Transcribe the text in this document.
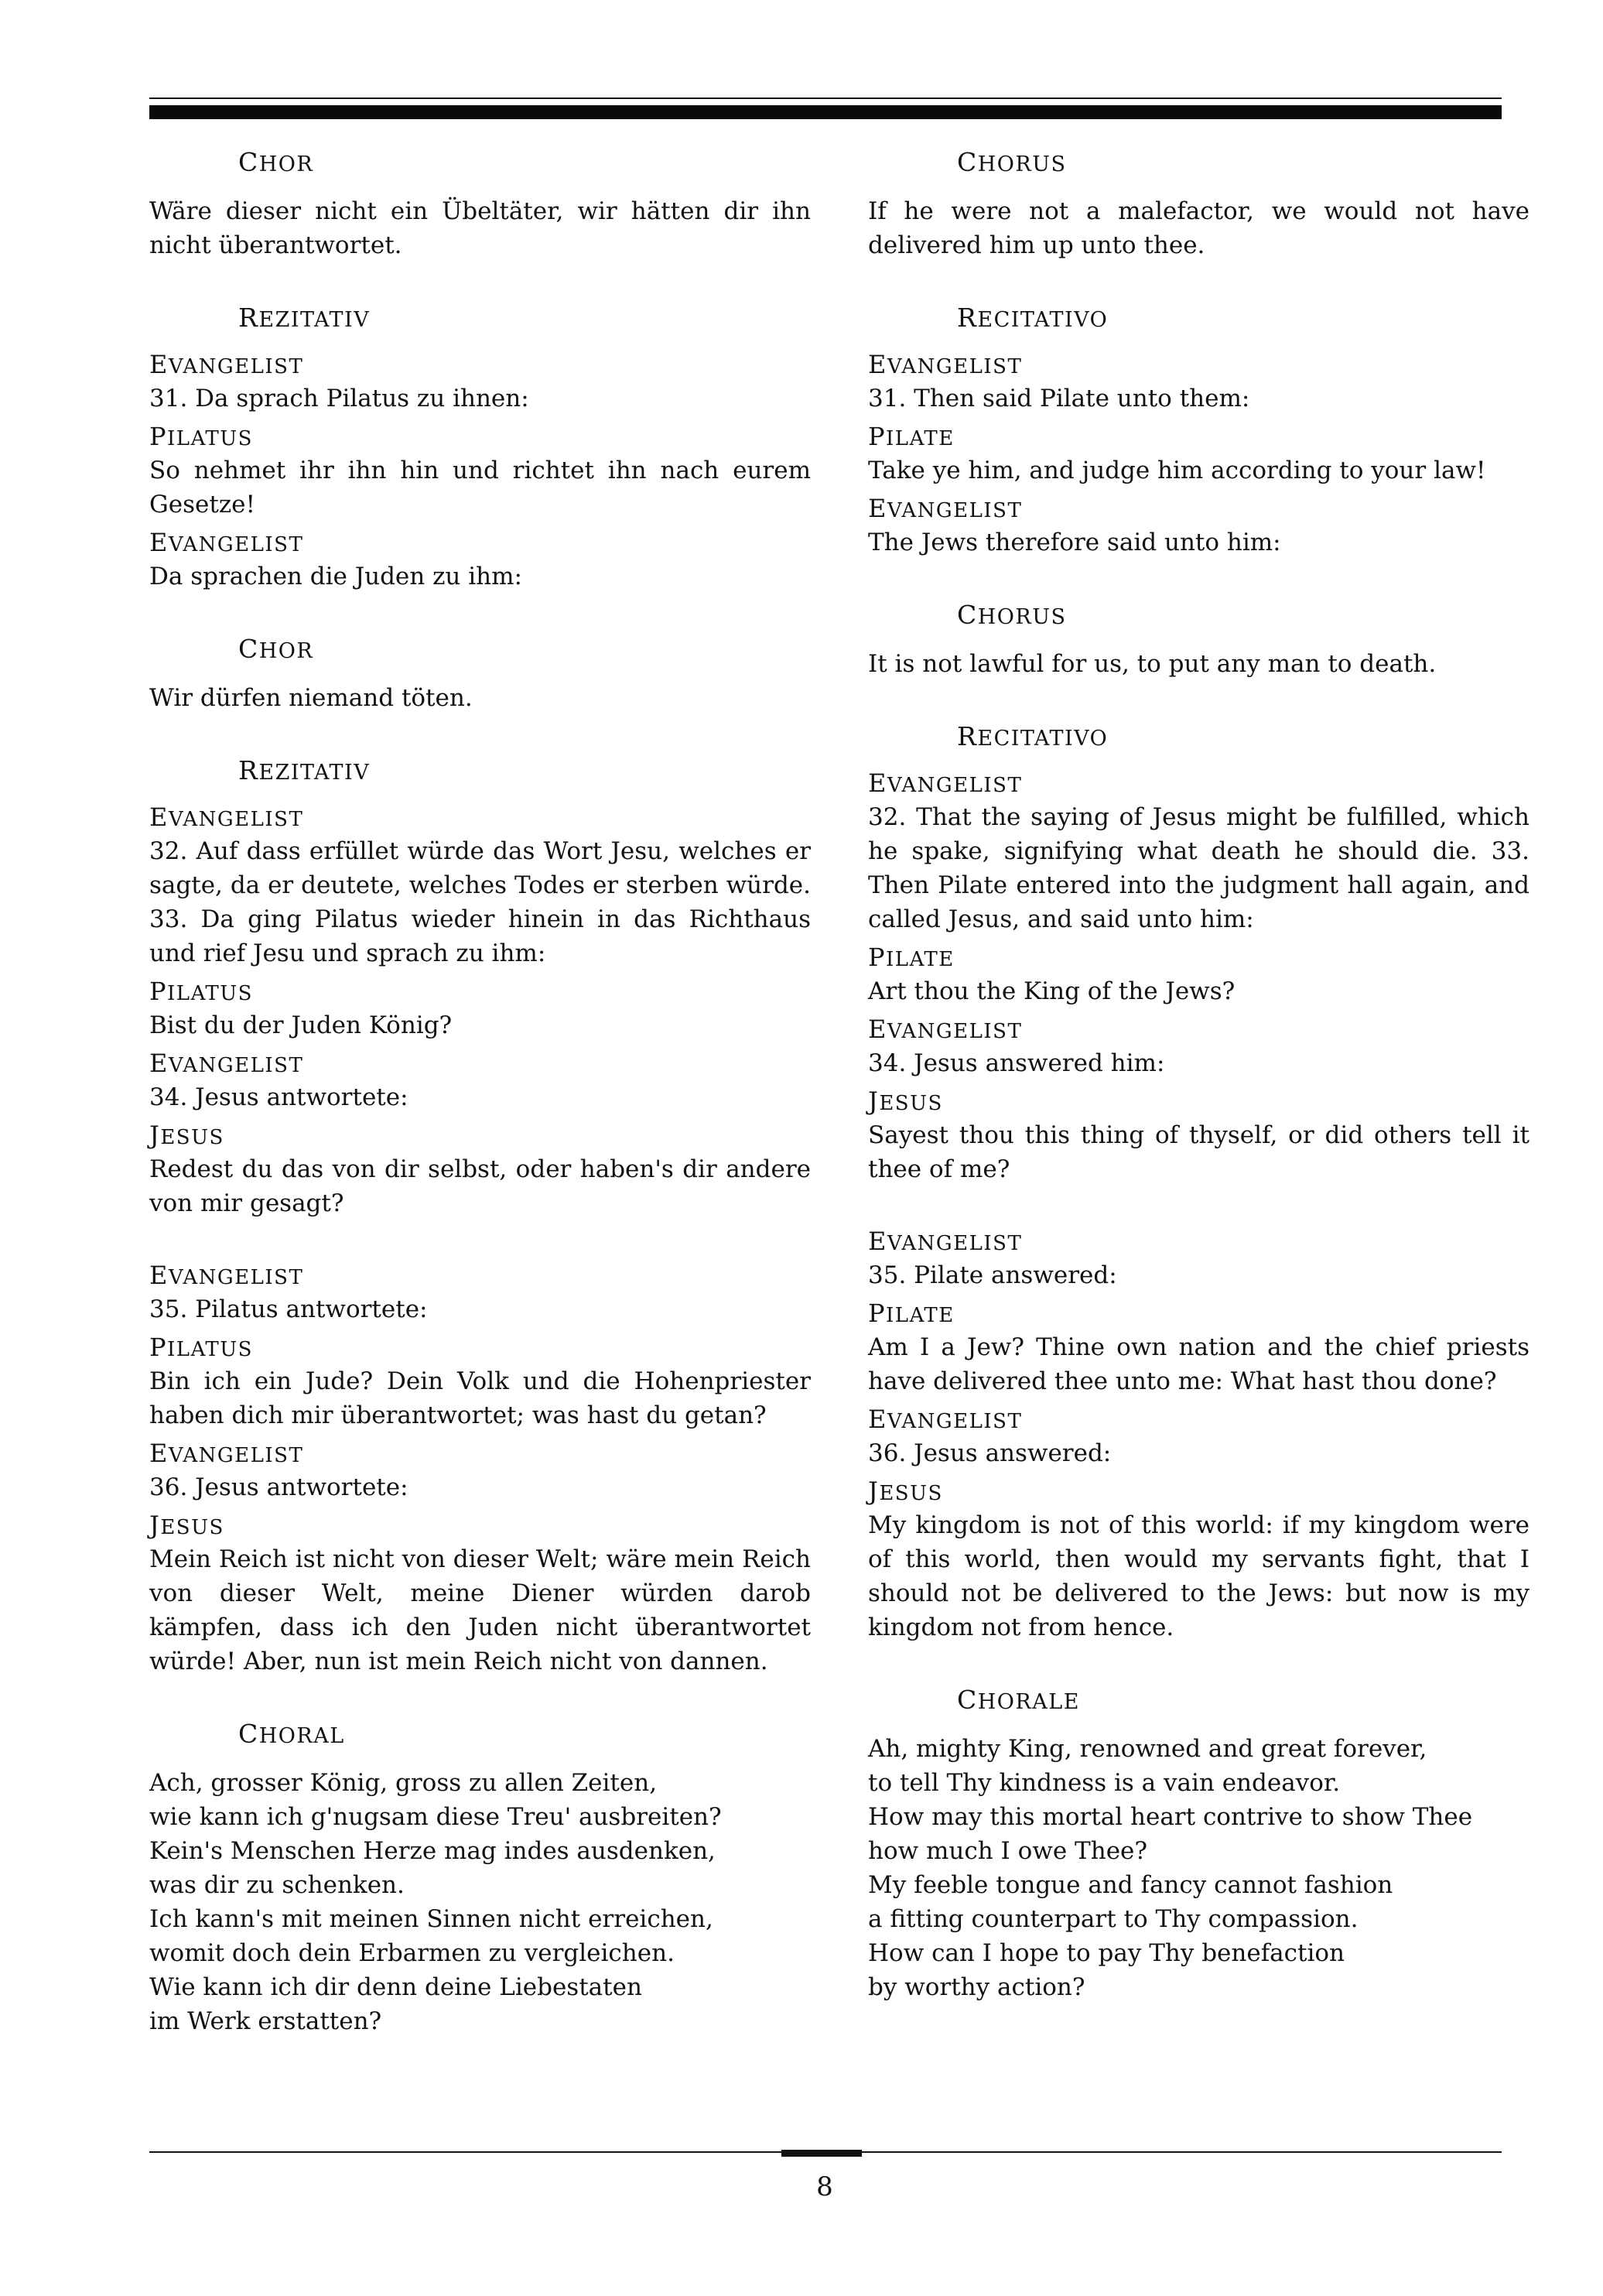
CHOR
Wäre dieser nicht ein Übeltäter, wir hätten dir ihn nicht überantwortet.
REZITATIV
EVANGELIST
31. Da sprach Pilatus zu ihnen:
PILATUS
So nehmet ihr ihn hin und richtet ihn nach eurem Gesetze!
EVANGELIST
Da sprachen die Juden zu ihm:
CHOR
Wir dürfen niemand töten.
REZITATIV
EVANGELIST
32. Auf dass erfüllet würde das Wort Jesu, welches er sagte, da er deutete, welches Todes er sterben würde. 33. Da ging Pilatus wieder hinein in das Richthaus und rief Jesu und sprach zu ihm:
PILATUS
Bist du der Juden König?
EVANGELIST
34. Jesus antwortete:
JESUS
Redest du das von dir selbst, oder haben's dir andere von mir gesagt?
EVANGELIST
35. Pilatus antwortete:
PILATUS
Bin ich ein Jude? Dein Volk und die Hohenpriester haben dich mir überantwortet; was hast du getan?
EVANGELIST
36. Jesus antwortete:
JESUS
Mein Reich ist nicht von dieser Welt; wäre mein Reich von dieser Welt, meine Diener würden darob kämpfen, dass ich den Juden nicht überantwortet würde! Aber, nun ist mein Reich nicht von dannen.
CHORAL
Ach, grosser König, gross zu allen Zeiten,
wie kann ich g'nugsam diese Treu' ausbreiten?
Kein's Menschen Herze mag indes ausdenken,
was dir zu schenken.
Ich kann's mit meinen Sinnen nicht erreichen,
womit doch dein Erbarmen zu vergleichen.
Wie kann ich dir denn deine Liebestaten
im Werk erstatten?
CHORUS
If he were not a malefactor, we would not have delivered him up unto thee.
RECITATIVO
EVANGELIST
31. Then said Pilate unto them:
PILATE
Take ye him, and judge him according to your law!
EVANGELIST
The Jews therefore said unto him:
CHORUS
It is not lawful for us, to put any man to death.
RECITATIVO
EVANGELIST
32. That the saying of Jesus might be fulfilled, which he spake, signifying what death he should die. 33. Then Pilate entered into the judgment hall again, and called Jesus, and said unto him:
PILATE
Art thou the King of the Jews?
EVANGELIST
34. Jesus answered him:
JESUS
Sayest thou this thing of thyself, or did others tell it thee of me?
EVANGELIST
35. Pilate answered:
PILATE
Am I a Jew? Thine own nation and the chief priests have delivered thee unto me: What hast thou done?
EVANGELIST
36. Jesus answered:
JESUS
My kingdom is not of this world: if my kingdom were of this world, then would my servants fight, that I should not be delivered to the Jews: but now is my kingdom not from hence.
CHORALE
Ah, mighty King, renowned and great forever,
to tell Thy kindness is a vain endeavor.
How may this mortal heart contrive to show Thee
how much I owe Thee?
My feeble tongue and fancy cannot fashion
a fitting counterpart to Thy compassion.
How can I hope to pay Thy benefaction
by worthy action?
8
